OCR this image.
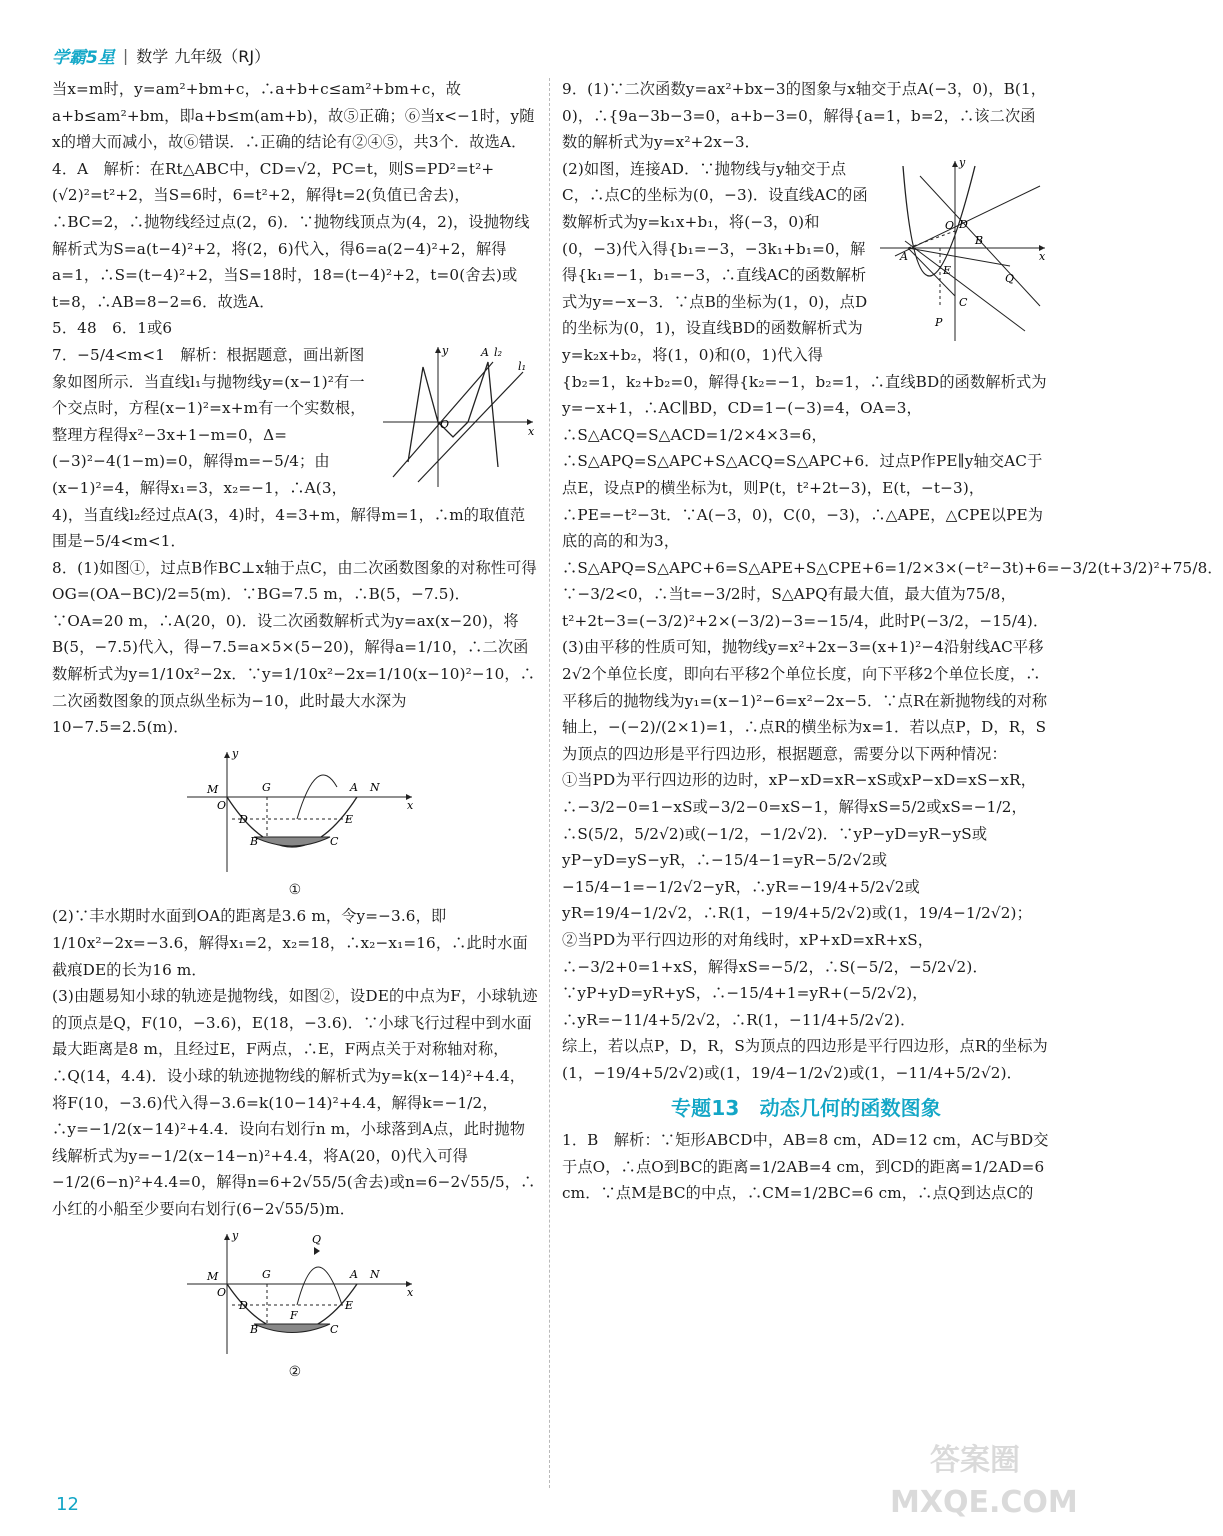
学霸5星 | 数学 九年级（RJ）

当x=m时，y=am²+bm+c，∴a+b+c≤am²+bm+c，故a+b≤am²+bm，即a+b≤m(am+b)，故⑤正确；⑥当x<−1时，y随x的增大而减小，故⑥错误．∴正确的结论有②④⑤，共3个．故选A．

4．A　解析：在Rt△ABC中，CD=√2，PC=t，则S=PD²=t²+(√2)²=t²+2，当S=6时，6=t²+2，解得t=2(负值已舍去)，∴BC=2，∴抛物线经过点(2，6)．∵抛物线顶点为(4，2)，设抛物线解析式为S=a(t−4)²+2，将(2，6)代入，得6=a(2−4)²+2，解得a=1，∴S=(t−4)²+2，当S=18时，18=(t−4)²+2，t=0(舍去)或t=8，∴AB=8−2=6．故选A．

5．48　6．1或6

O
x
y	A l₂
l₁

7．−5/4<m<1　解析：根据题意，画出新图象如图所示．当直线l₁与抛物线y=(x−1)²有一个交点时，方程(x−1)²=x+m有一个实数根，整理方程得x²−3x+1−m=0，Δ=(−3)²−4(1−m)=0，解得m=−5/4；由(x−1)²=4，解得x₁=3，x₂=−1，∴A(3，4)，当直线l₂经过点A(3，4)时，4=3+m，解得m=1，∴m的取值范围是−5/4<m<1．

8．(1)如图①，过点B作BC⊥x轴于点C，由二次函数图象的对称性可得OG=(OA−BC)/2=5(m)．∵BG=7.5 m，∴B(5，−7.5)．∵OA=20 m，∴A(20，0)．设二次函数解析式为y=ax(x−20)，将B(5，−7.5)代入，得−7.5=a×5×(5−20)，解得a=1/10，∴二次函数解析式为y=1/10x²−2x．∵y=1/10x²−2x=1/10(x−10)²−10，∴二次函数图象的顶点纵坐标为−10，此时最大水深为10−7.5=2.5(m)．

M
O
G	A N
x
y
D	E
B	C

①

(2)∵丰水期时水面到OA的距离是3.6 m，令y=−3.6，即1/10x²−2x=−3.6，解得x₁=2，x₂=18，∴x₂−x₁=16，∴此时水面截痕DE的长为16 m．

(3)由题易知小球的轨迹是抛物线，如图②，设DE的中点为F，小球轨迹的顶点是Q，F(10，−3.6)，E(18，−3.6)．∵小球飞行过程中到水面最大距离是8 m，且经过E，F两点，∴E，F两点关于对称轴对称，∴Q(14，4.4)．设小球的轨迹抛物线的解析式为y=k(x−14)²+4.4，将F(10，−3.6)代入得−3.6=k(10−14)²+4.4，解得k=−1/2，∴y=−1/2(x−14)²+4.4．设向右划行n m，小球落到A点，此时抛物线解析式为y=−1/2(x−14−n)²+4.4，将A(20，0)代入可得−1/2(6−n)²+4.4=0，解得n=6+2√55/5(舍去)或n=6−2√55/5，∴小红的小船至少要向右划行(6−2√55/5)m．

M
O
G	A N
x
y	Q
F
D	E
B	C

②

9．(1)∵二次函数y=ax²+bx−3的图象与x轴交于点A(−3，0)，B(1，0)，∴{9a−3b−3=0，a+b−3=0，解得{a=1，b=2，∴该二次函数的解析式为y=x²+2x−3．

A
O D
B
E
C
Q
P
y
x

(2)如图，连接AD．∵抛物线与y轴交于点C，∴点C的坐标为(0，−3)．设直线AC的函数解析式为y=k₁x+b₁，将(−3，0)和(0，−3)代入得{b₁=−3，−3k₁+b₁=0，解得{k₁=−1，b₁=−3，∴直线AC的函数解析式为y=−x−3．∵点B的坐标为(1，0)，点D的坐标为(0，1)，设直线BD的函数解析式为y=k₂x+b₂，将(1，0)和(0，1)代入得{b₂=1，k₂+b₂=0，解得{k₂=−1，b₂=1，∴直线BD的函数解析式为y=−x+1，∴AC∥BD，CD=1−(−3)=4，OA=3，∴S△ACQ=S△ACD=1/2×4×3=6，∴S△APQ=S△APC+S△ACQ=S△APC+6．过点P作PE∥y轴交AC于点E，设点P的横坐标为t，则P(t，t²+2t−3)，E(t，−t−3)，∴PE=−t²−3t．∵A(−3，0)，C(0，−3)，∴△APE，△CPE以PE为底的高的和为3，∴S△APQ=S△APC+6=S△APE+S△CPE+6=1/2×3×(−t²−3t)+6=−3/2(t+3/2)²+75/8．∵−3/2<0，∴当t=−3/2时，S△APQ有最大值，最大值为75/8，t²+2t−3=(−3/2)²+2×(−3/2)−3=−15/4，此时P(−3/2，−15/4)．

(3)由平移的性质可知，抛物线y=x²+2x−3=(x+1)²−4沿射线AC平移2√2个单位长度，即向右平移2个单位长度，向下平移2个单位长度，∴平移后的抛物线为y₁=(x−1)²−6=x²−2x−5．∵点R在新抛物线的对称轴上，−(−2)/(2×1)=1，∴点R的横坐标为x=1．若以点P，D，R，S为顶点的四边形是平行四边形，根据题意，需要分以下两种情况：

①当PD为平行四边形的边时，xP−xD=xR−xS或xP−xD=xS−xR，∴−3/2−0=1−xS或−3/2−0=xS−1，解得xS=5/2或xS=−1/2，∴S(5/2，5/2√2)或(−1/2，−1/2√2)．∵yP−yD=yR−yS或yP−yD=yS−yR，∴−15/4−1=yR−5/2√2或−15/4−1=−1/2√2−yR，∴yR=−19/4+5/2√2或yR=19/4−1/2√2，∴R(1，−19/4+5/2√2)或(1，19/4−1/2√2)；

②当PD为平行四边形的对角线时，xP+xD=xR+xS，∴−3/2+0=1+xS，解得xS=−5/2，∴S(−5/2，−5/2√2)．∵yP+yD=yR+yS，∴−15/4+1=yR+(−5/2√2)，∴yR=−11/4+5/2√2，∴R(1，−11/4+5/2√2)．

综上，若以点P，D，R，S为顶点的四边形是平行四边形，点R的坐标为(1，−19/4+5/2√2)或(1，19/4−1/2√2)或(1，−11/4+5/2√2)．

专题13　动态几何的函数图象

1．B　解析：∵矩形ABCD中，AB=8 cm，AD=12 cm，AC与BD交于点O，∴点O到BC的距离=1/2AB=4 cm，到CD的距离=1/2AD=6 cm．∵点M是BC的中点，∴CM=1/2BC=6 cm，∴点Q到达点C的

12
答案圈
MXQE.COM
